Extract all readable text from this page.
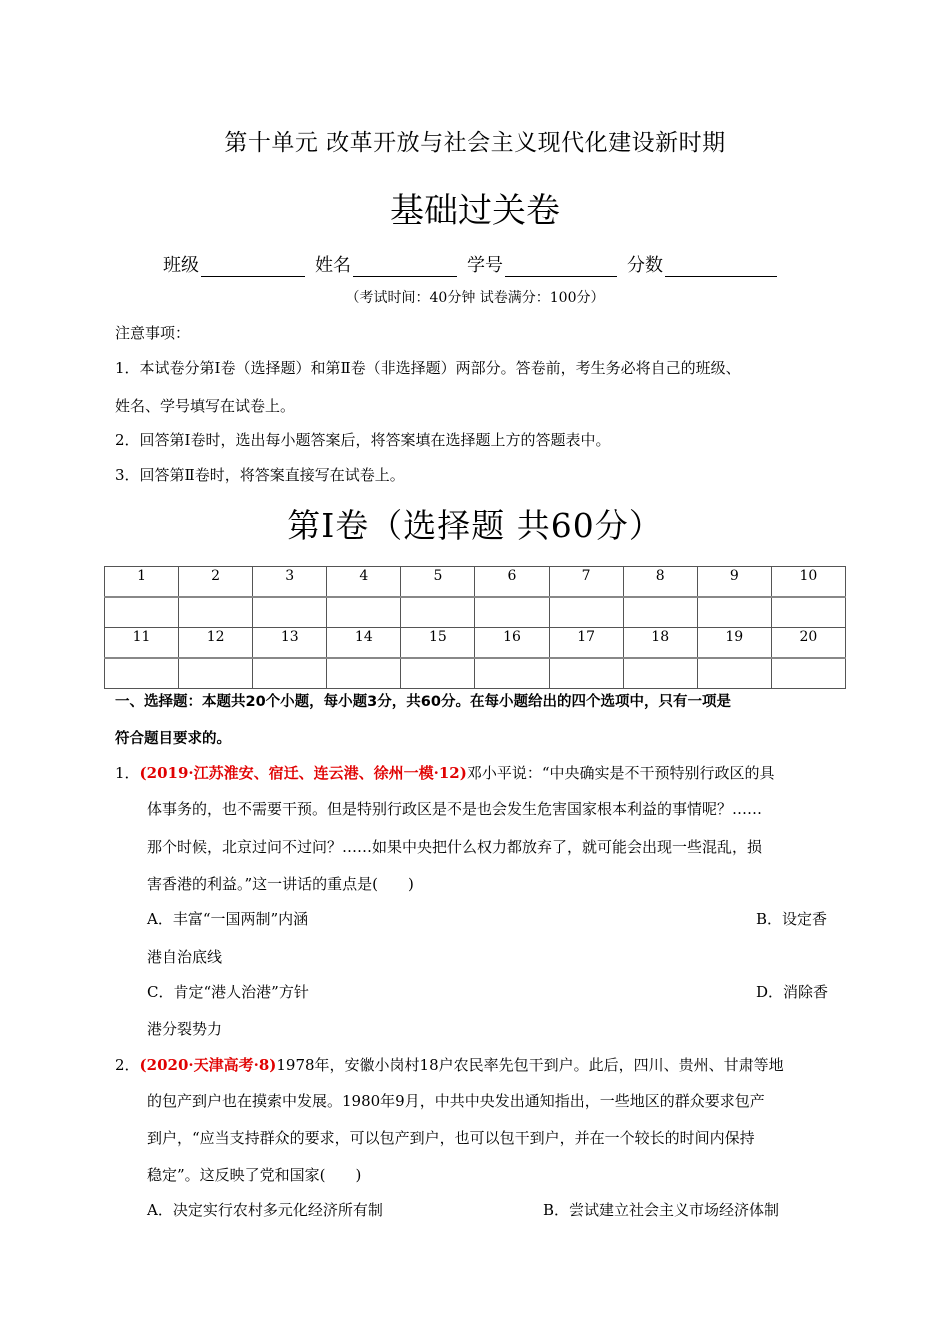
第十单元 改革开放与社会主义现代化建设新时期
基础过关卷
班级	姓名	学号	分数
（考试时间：40分钟 试卷满分：100分）
注意事项：
1．本试卷分第Ⅰ卷（选择题）和第Ⅱ卷（非选择题）两部分。答卷前，考生务必将自己的班级、
姓名、学号填写在试卷上。
2．回答第Ⅰ卷时，选出每小题答案后，将答案填在选择题上方的答题表中。
3．回答第Ⅱ卷时，将答案直接写在试卷上。
第Ⅰ卷（选择题 共60分）
1	2	3	4	5	6	7	8	9	10

11	12	13	14	15	16	17	18	19	20

一、选择题：本题共20个小题，每小题3分，共60分。在每小题给出的四个选项中，只有一项是
符合题目要求的。
1．(2019·江苏淮安、宿迁、连云港、徐州一模·12)邓小平说：“中央确实是不干预特别行政区的具
体事务的，也不需要干预。但是特别行政区是不是也会发生危害国家根本利益的事情呢？……
那个时候，北京过问不过问？……如果中央把什么权力都放弃了，就可能会出现一些混乱，损
害香港的利益。”这一讲话的重点是(　　)
A．丰富“一国两制”内涵	B．设定香
港自治底线
C．肯定“港人治港”方针	D．消除香
港分裂势力
2．(2020·天津高考·8)1978年，安徽小岗村18户农民率先包干到户。此后，四川、贵州、甘肃等地
的包产到户也在摸索中发展。1980年9月，中共中央发出通知指出，一些地区的群众要求包产
到户，“应当支持群众的要求，可以包产到户，也可以包干到户，并在一个较长的时间内保持
稳定”。这反映了党和国家(　　)
A．决定实行农村多元化经济所有制	B．尝试建立社会主义市场经济体制
